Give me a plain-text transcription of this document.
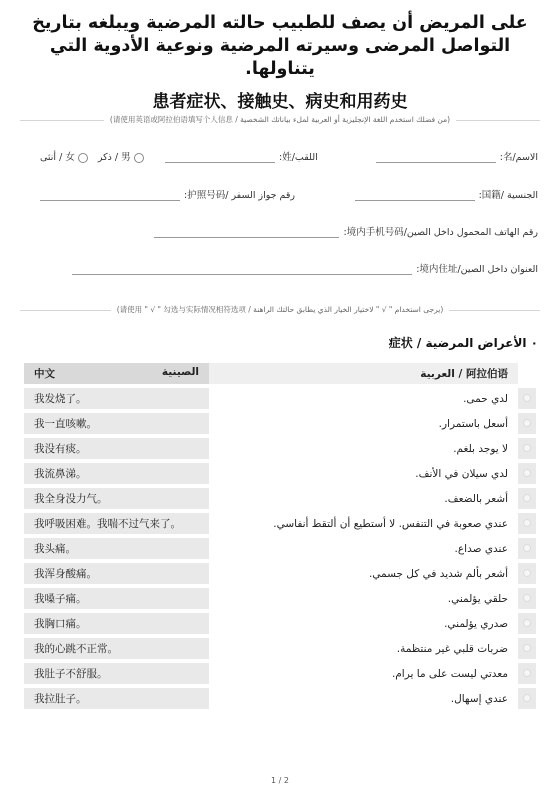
على المريض أن يصف للطبيب حالته المرضية ويبلغه بتاريخ التواصل المرضى وسيرته المرضية ونوعية الأدوية التي يتناولها.
患者症状、接触史、病史和用药史
(من فضلك استخدم اللغة الإنجليزية أو العربية لملء بياناتك الشخصية / 请使用英语或阿拉伯语填写个人信息)
الاسم/名:
اللقب/姓:
أنثى / 女 ذكر / 男
الجنسية /国籍:
رقم جواز السفر /护照号码:
رقم الهاتف المحمول داخل الصين/境内手机号码:
العنوان داخل الصين/境内住址:
(يرجى استخدام " √ " لاختيار الخيار الذي يطابق حالتك الراهنة / 请使用 " √ " 勾选与实际情况相符选项)
٠ الأعراض المرضية / 症状
中文 الصينية	العربية / 阿拉伯语	
我发烧了。	لدي حمى.	
我一直咳嗽。	أسعل باستمرار.	
我没有痰。	لا يوجد بلغم.	
我流鼻涕。	لدي سيلان في الأنف.	
我全身没力气。	أشعر بالضعف.	
我呼吸困难。我喘不过气来了。	عندي صعوبة في التنفس. لا أستطيع أن ألتقط أنفاسي.	
我头痛。	عندي صداع.	
我浑身酸痛。	أشعر بألم شديد في كل جسمي.	
我嗓子痛。	حلقي يؤلمني.	
我胸口痛。	صدري يؤلمني.	
我的心跳不正常。	ضربات قلبي غير منتظمة.	
我肚子不舒服。	معدتي ليست على ما يرام.	
我拉肚子。	عندي إسهال.	
1 / 2
